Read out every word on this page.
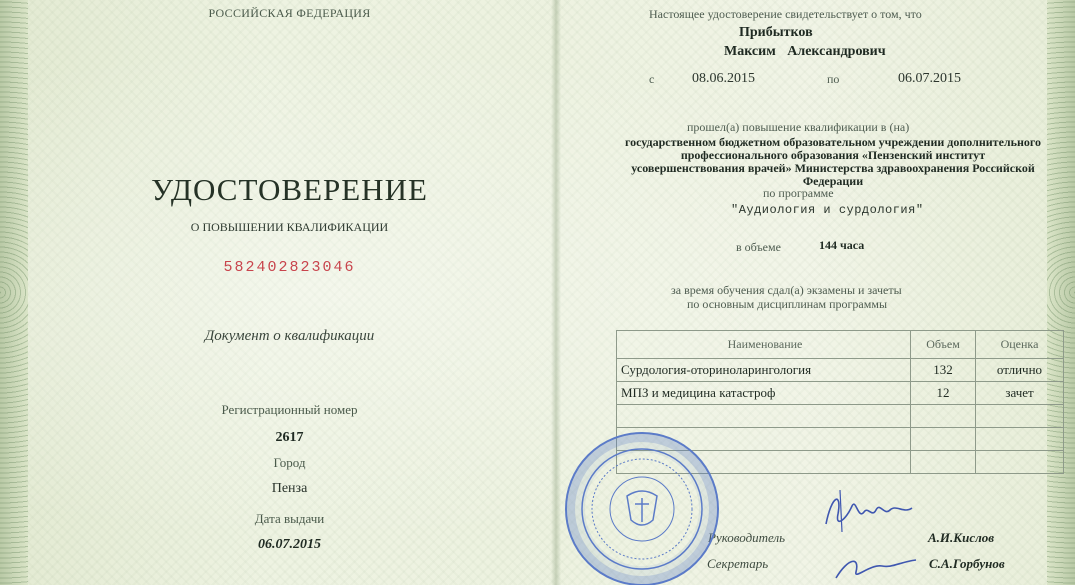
РОССИЙСКАЯ ФЕДЕРАЦИЯ
УДОСТОВЕРЕНИЕ
О ПОВЫШЕНИИ КВАЛИФИКАЦИИ
582402823046
Документ о квалификации
Регистрационный номер
2617
Город
Пенза
Дата выдачи
06.07.2015
Настоящее удостоверение свидетельствует о том, что
Прибытков
Максим Александрович
с	08.06.2015	по	06.07.2015
прошел(а) повышение квалификации в (на)
государственном бюджетном образовательном учреждении дополнительного профессионального образования «Пензенский институт усовершенствования врачей» Министерства здравоохранения Российской Федерации
по программе
"Аудиология и сурдология"
в объеме	144 часа
за время обучения сдал(а) экзамены и зачеты
по основным дисциплинам программы
Наименование	Объем	Оценка
Сурдология-оториноларингология	132	отлично
МПЗ и медицина катастроф	12	зачет

Руководитель	А.И.Кислов
Секретарь	С.А.Горбунов
